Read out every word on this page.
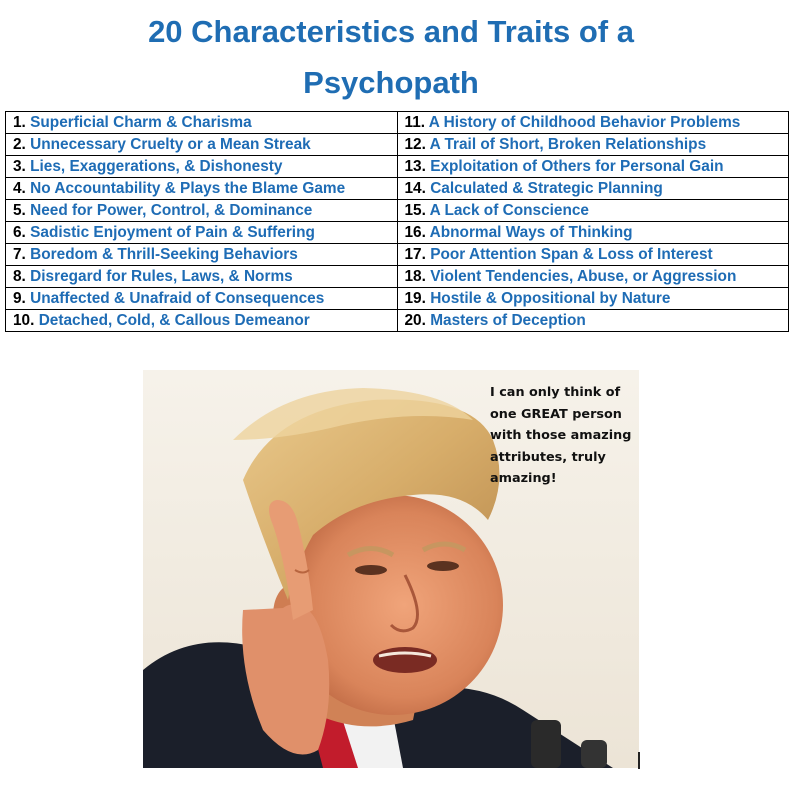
20 Characteristics and Traits of a
Psychopath
1. Superficial Charm & Charisma	11. A History of Childhood Behavior Problems
2. Unnecessary Cruelty or a Mean Streak	12. A Trail of Short, Broken Relationships
3. Lies, Exaggerations, & Dishonesty	13. Exploitation of Others for Personal Gain
4. No Accountability & Plays the Blame Game	14. Calculated & Strategic Planning
5. Need for Power, Control, & Dominance	15. A Lack of Conscience
6. Sadistic Enjoyment of Pain & Suffering	16. Abnormal Ways of Thinking
7. Boredom & Thrill-Seeking Behaviors	17. Poor Attention Span & Loss of Interest
8. Disregard for Rules, Laws, & Norms	18. Violent Tendencies, Abuse, or Aggression
9. Unaffected & Unafraid of Consequences	19. Hostile & Oppositional by Nature
10. Detached, Cold, & Callous Demeanor	20. Masters of Deception
I can only think of
one GREAT person
with those amazing
attributes, truly
amazing!
